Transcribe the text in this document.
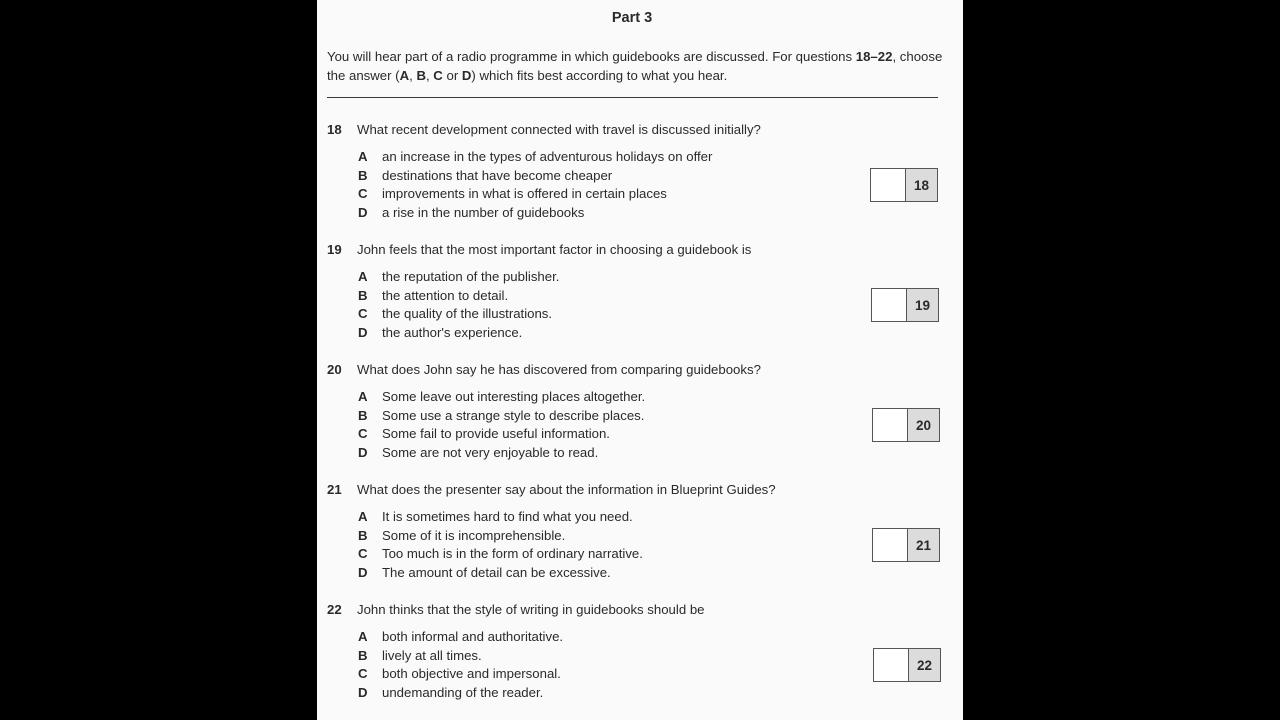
Part 3
You will hear part of a radio programme in which guidebooks are discussed. For questions 18–22, choose the answer (A, B, C or D) which fits best according to what you hear.
18 What recent development connected with travel is discussed initially?
A an increase in the types of adventurous holidays on offer
B destinations that have become cheaper
C improvements in what is offered in certain places
D a rise in the number of guidebooks
18
19 John feels that the most important factor in choosing a guidebook is
A the reputation of the publisher.
B the attention to detail.
C the quality of the illustrations.
D the author's experience.
19
20 What does John say he has discovered from comparing guidebooks?
A Some leave out interesting places altogether.
B Some use a strange style to describe places.
C Some fail to provide useful information.
D Some are not very enjoyable to read.
20
21 What does the presenter say about the information in Blueprint Guides?
A It is sometimes hard to find what you need.
B Some of it is incomprehensible.
C Too much is in the form of ordinary narrative.
D The amount of detail can be excessive.
21
22 John thinks that the style of writing in guidebooks should be
A both informal and authoritative.
B lively at all times.
C both objective and impersonal.
D undemanding of the reader.
22
